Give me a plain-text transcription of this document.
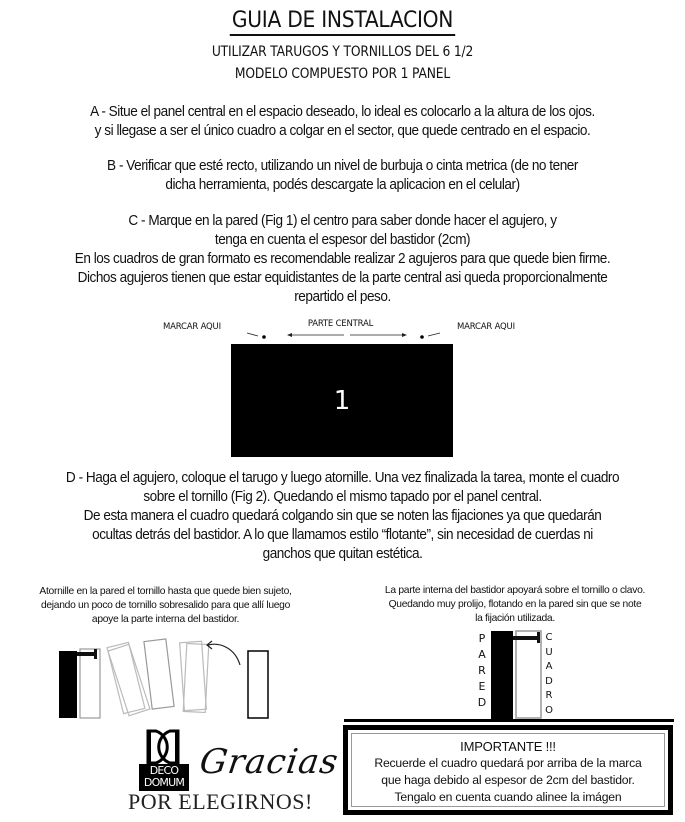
GUIA DE INSTALACION
UTILIZAR TARUGOS Y TORNILLOS DEL 6 1/2
MODELO COMPUESTO POR 1 PANEL
A - Situe el panel central en el espacio deseado, lo ideal es colocarlo a la altura de los ojos.
y si llegase a ser el único cuadro a colgar en el sector, que quede centrado en el espacio.
B - Verificar que esté recto, utilizando un nivel de burbuja o cinta metrica (de no tener
dicha herramienta, podés descargate la aplicacion en el celular)
C - Marque en la pared (Fig 1) el centro para saber donde hacer el agujero, y
tenga en cuenta el espesor del bastidor (2cm)
En los cuadros de gran formato es recomendable realizar 2 agujeros para que quede bien firme.
Dichos agujeros tienen que estar equidistantes de la parte central asi queda proporcionalmente
repartido el peso.
MARCAR AQUI	MARCAR AQUI
PARTE CENTRAL
1
D - Haga el agujero, coloque el tarugo y luego atornille. Una vez finalizada la tarea, monte el cuadro
sobre el tornillo (Fig 2). Quedando el mismo tapado por el panel central.
De esta manera el cuadro quedará colgando sin que se noten las fijaciones ya que quedarán
ocultas detrás del bastidor. A lo que llamamos estilo “flotante”, sin necesidad de cuerdas ni
ganchos que quitan estética.
Atornille en la pared el tornillo hasta que quede bien sujeto,
dejando un poco de tornillo sobresalido para que allí luego
apoye la parte interna del bastidor.
La parte interna del bastidor apoyará sobre el tornillo o clavo.
Quedando muy prolijo, flotando en la pared sin que se note
la fijación utilizada.
P
A
R
E
D
C
U
A
D
R
O
DECO
DOMUM
Gracias
POR ELEGIRNOS!
IMPORTANTE !!!
Recuerde el cuadro quedará por arriba de la marca
que haga debido al espesor de 2cm del bastidor.
Tengalo en cuenta cuando alinee la imágen
